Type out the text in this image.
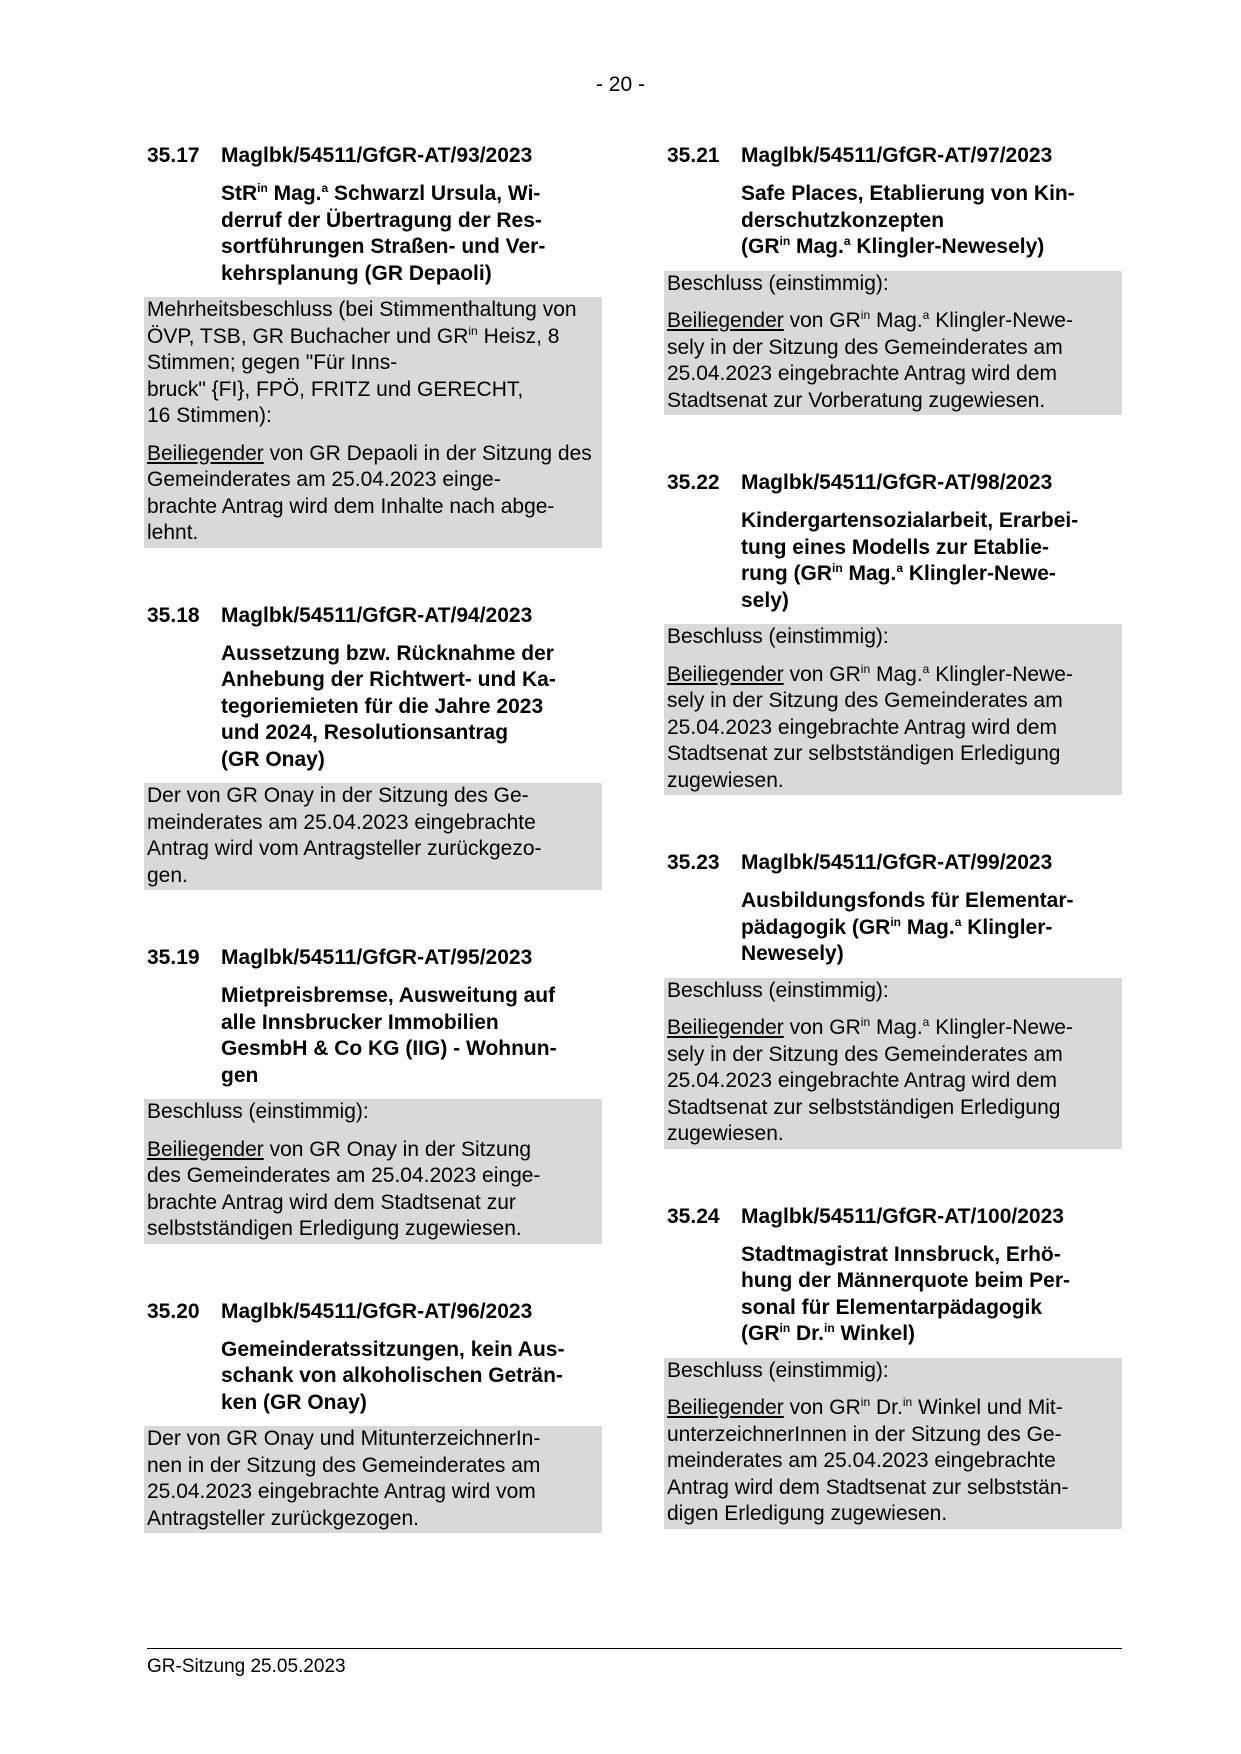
- 20 -
35.17	Maglbk/54511/GfGR-AT/93/2023
StR$^{in}$ Mag.$^a$ Schwarzl Ursula, Wi-
derruf der Übertragung der Res-
sortführungen Straßen- und Ver-
kehrsplanung (GR Depaoli)
Mehrheitsbeschluss (bei Stimmenthaltung von ÖVP, TSB, GR Buchacher und $GR^{in}$ Heisz, 8 Stimmen; gegen "Für Inns-
bruck" {FI}, FPÖ, FRITZ und GERECHT,
16 Stimmen):
Beiliegender von GR Depaoli in der Sitzung des Gemeinderates am 25.04.2023 einge-
brachte Antrag wird dem Inhalte nach abge-
lehnt.
35.18	Maglbk/54511/GfGR-AT/94/2023
Aussetzung bzw. Rücknahme der
Anhebung der Richtwert- und Ka-
tegoriemieten für die Jahre 2023
und 2024, Resolutionsantrag
(GR Onay)
Der von GR Onay in der Sitzung des Ge-
meinderates am 25.04.2023 eingebrachte
Antrag wird vom Antragsteller zurückgezo-
gen.
35.19	Maglbk/54511/GfGR-AT/95/2023
Mietpreisbremse, Ausweitung auf
alle Innsbrucker Immobilien
GesmbH & Co KG (IIG) - Wohnun-
gen
Beschluss (einstimmig):
Beiliegender von GR Onay in der Sitzung
des Gemeinderates am 25.04.2023 einge-
brachte Antrag wird dem Stadtsenat zur
selbstständigen Erledigung zugewiesen.
35.20	Maglbk/54511/GfGR-AT/96/2023
Gemeinderatssitzungen, kein Aus-
schank von alkoholischen Geträn-
ken (GR Onay)
Der von GR Onay und MitunterzeichnerIn-
nen in der Sitzung des Gemeinderates am
25.04.2023 eingebrachte Antrag wird vom
Antragsteller zurückgezogen.
35.21	Maglbk/54511/GfGR-AT/97/2023
Safe Places, Etablierung von Kin-
derschutzkonzepten
($GR^{in}$ Mag.$^a$ Klingler-Newesely)
Beschluss (einstimmig):
Beiliegender von $GR^{in}$ Mag.$^a$ Klingler-Newe-
sely in der Sitzung des Gemeinderates am
25.04.2023 eingebrachte Antrag wird dem
Stadtsenat zur Vorberatung zugewiesen.
35.22	Maglbk/54511/GfGR-AT/98/2023
Kindergartensozialarbeit, Erarbei-
tung eines Modells zur Etablie-
rung ($GR^{in}$ Mag.$^a$ Klingler-Newe-
sely)
Beschluss (einstimmig):
Beiliegender von $GR^{in}$ Mag.$^a$ Klingler-Newe-
sely in der Sitzung des Gemeinderates am
25.04.2023 eingebrachte Antrag wird dem
Stadtsenat zur selbstständigen Erledigung
zugewiesen.
35.23	Maglbk/54511/GfGR-AT/99/2023
Ausbildungsfonds für Elementar-
pädagogik ($GR^{in}$ Mag.$^a$ Klingler-
Newesely)
Beschluss (einstimmig):
Beiliegender von $GR^{in}$ Mag.$^a$ Klingler-Newe-
sely in der Sitzung des Gemeinderates am
25.04.2023 eingebrachte Antrag wird dem
Stadtsenat zur selbstständigen Erledigung
zugewiesen.
35.24	Maglbk/54511/GfGR-AT/100/2023
Stadtmagistrat Innsbruck, Erhö-
hung der Männerquote beim Per-
sonal für Elementarpädagogik
($GR^{in}$ Dr.$^{in}$ Winkel)
Beschluss (einstimmig):
Beiliegender von $GR^{in}$ Dr.$^{in}$ Winkel und Mit-
unterzeichnerInnen in der Sitzung des Ge-
meinderates am 25.04.2023 eingebrachte
Antrag wird dem Stadtsenat zur selbststän-
digen Erledigung zugewiesen.
GR-Sitzung 25.05.2023
